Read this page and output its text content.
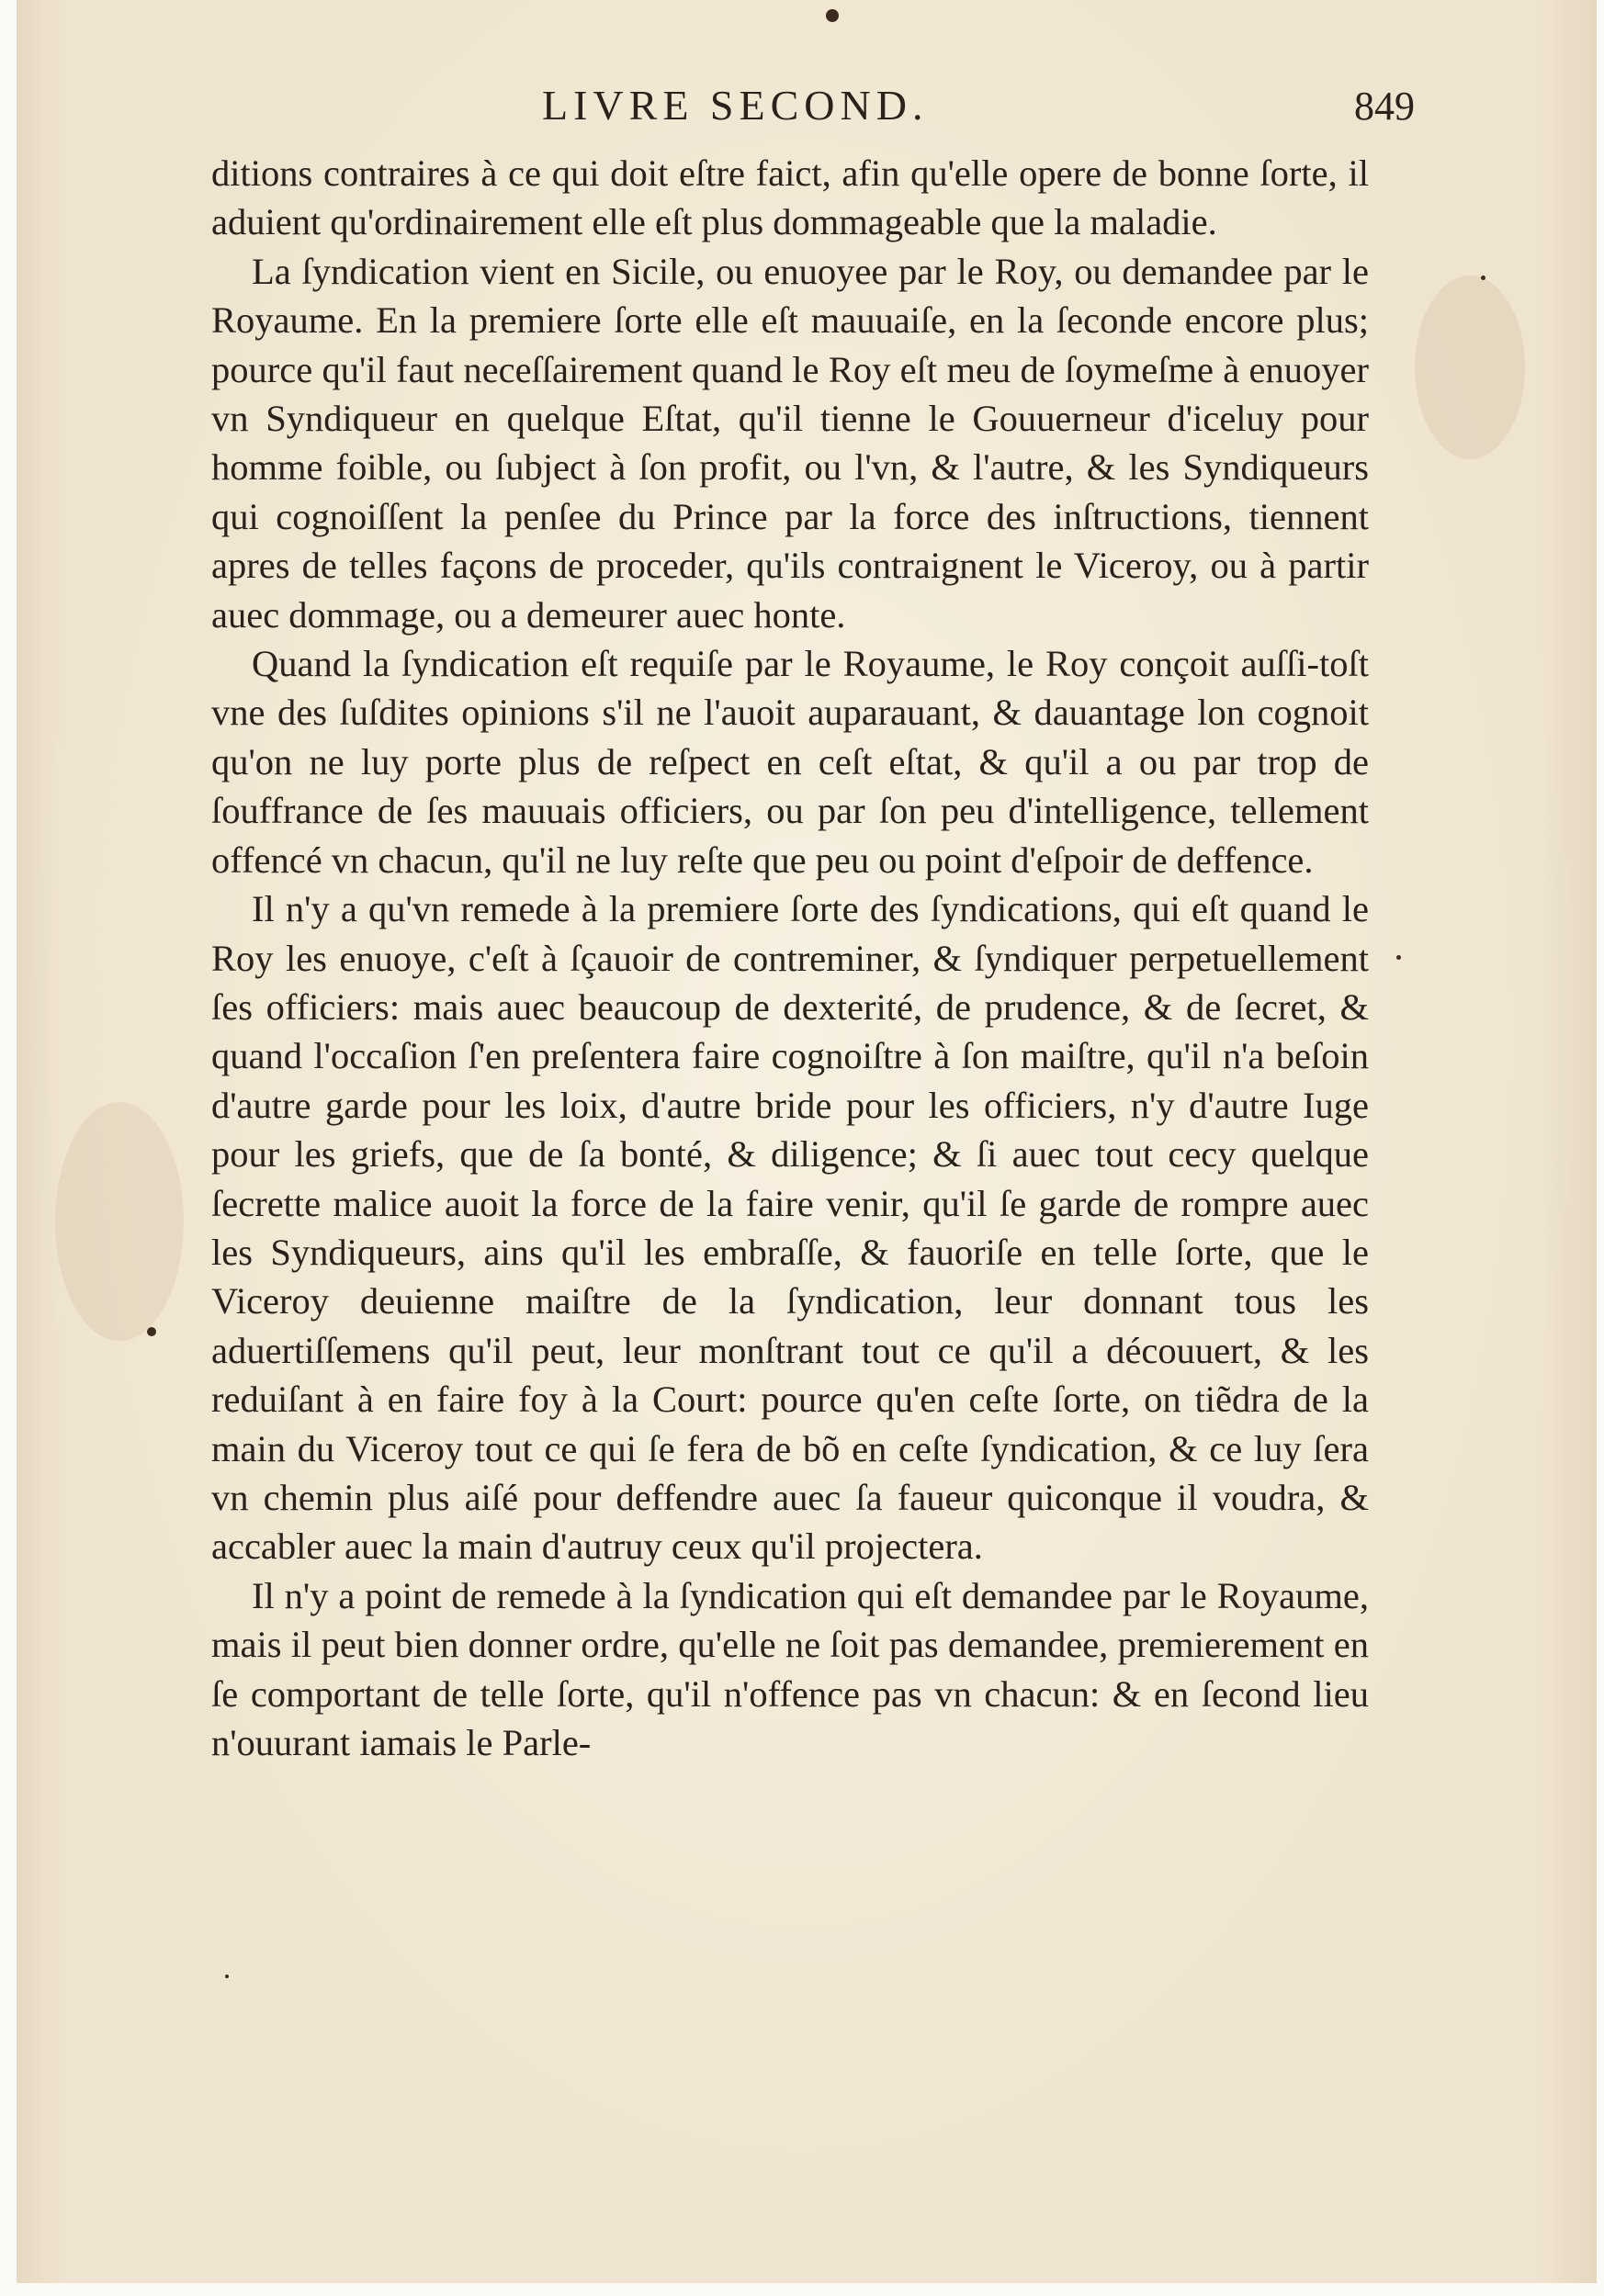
LIVRE SECOND.	849

ditions contraires à ce qui doit eſtre faict, afin qu'elle opere de bonne ſorte, il aduient qu'ordinairement elle eſt plus dommageable que la maladie.

La ſyndication vient en Sicile, ou enuoyee par le Roy, ou demandee par le Royaume. En la premiere ſorte elle eſt mauuaiſe, en la ſeconde encore plus; pource qu'il faut neceſſairement quand le Roy eſt meu de ſoymeſme à enuoyer vn Syndiqueur en quelque Eſtat, qu'il tienne le Gouuerneur d'iceluy pour homme foible, ou ſubject à ſon profit, ou l'vn, & l'autre, & les Syndiqueurs qui cognoiſſent la penſee du Prince par la force des inſtructions, tiennent apres de telles façons de proceder, qu'ils contraignent le Viceroy, ou à partir auec dommage, ou a demeurer auec honte.

Quand la ſyndication eſt requiſe par le Royaume, le Roy conçoit auſſi-toſt vne des ſuſdites opinions s'il ne l'auoit auparauant, & dauantage lon cognoit qu'on ne luy porte plus de reſpect en ceſt eſtat, & qu'il a ou par trop de ſouffrance de ſes mauuais officiers, ou par ſon peu d'intelligence, tellement offencé vn chacun, qu'il ne luy reſte que peu ou point d'eſpoir de deffence.

Il n'y a qu'vn remede à la premiere ſorte des ſyndications, qui eſt quand le Roy les enuoye, c'eſt à ſçauoir de contreminer, & ſyndiquer perpetuellement ſes officiers: mais auec beaucoup de dexterité, de prudence, & de ſecret, & quand l'occaſion ſ'en preſentera faire cognoiſtre à ſon maiſtre, qu'il n'a beſoin d'autre garde pour les loix, d'autre bride pour les officiers, n'y d'autre Iuge pour les griefs, que de ſa bonté, & diligence; & ſi auec tout cecy quelque ſecrette malice auoit la force de la faire venir, qu'il ſe garde de rompre auec les Syndiqueurs, ains qu'il les embraſſe, & fauoriſe en telle ſorte, que le Viceroy deuienne maiſtre de la ſyndication, leur donnant tous les aduertiſſemens qu'il peut, leur monſtrant tout ce qu'il a découuert, & les reduiſant à en faire foy à la Court: pource qu'en ceſte ſorte, on tiẽdra de la main du Viceroy tout ce qui ſe fera de bõ en ceſte ſyndication, & ce luy ſera vn chemin plus aiſé pour deffendre auec ſa faueur quiconque il voudra, & accabler auec la main d'autruy ceux qu'il projectera.

Il n'y a point de remede à la ſyndication qui eſt demandee par le Royaume, mais il peut bien donner ordre, qu'elle ne ſoit pas demandee, premierement en ſe comportant de telle ſorte, qu'il n'offence pas vn chacun: & en ſecond lieu n'ouurant iamais le Parle-
